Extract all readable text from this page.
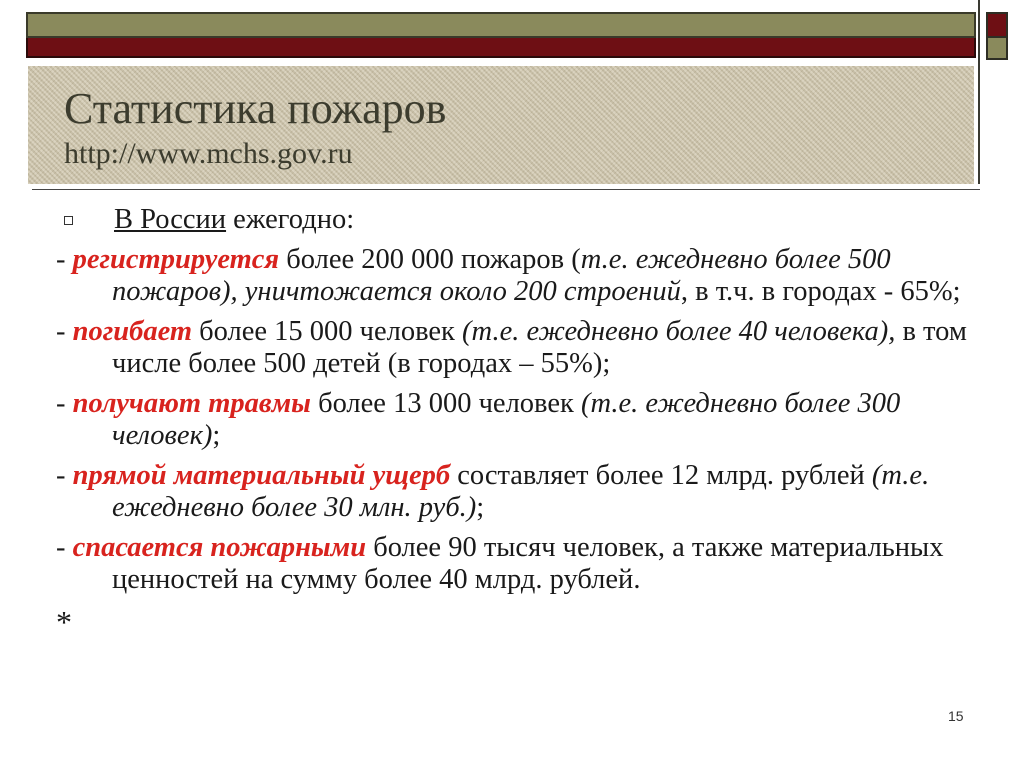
Статистика пожаров
http://www.mchs.gov.ru
В России ежегодно:
- регистрируется более 200 000 пожаров (т.е. ежедневно более 500 пожаров), уничтожается около 200 строений, в т.ч. в городах - 65%;
- погибает более 15 000 человек (т.е. ежедневно более 40 человека), в том числе более 500 детей (в городах – 55%);
- получают травмы более 13 000 человек (т.е. ежедневно более 300 человек);
- прямой материальный ущерб составляет более 12 млрд. рублей (т.е. ежедневно более 30 млн. руб.);
- спасается пожарными более 90 тысяч человек, а также материальных ценностей на сумму более 40 млрд. рублей.
*
15
